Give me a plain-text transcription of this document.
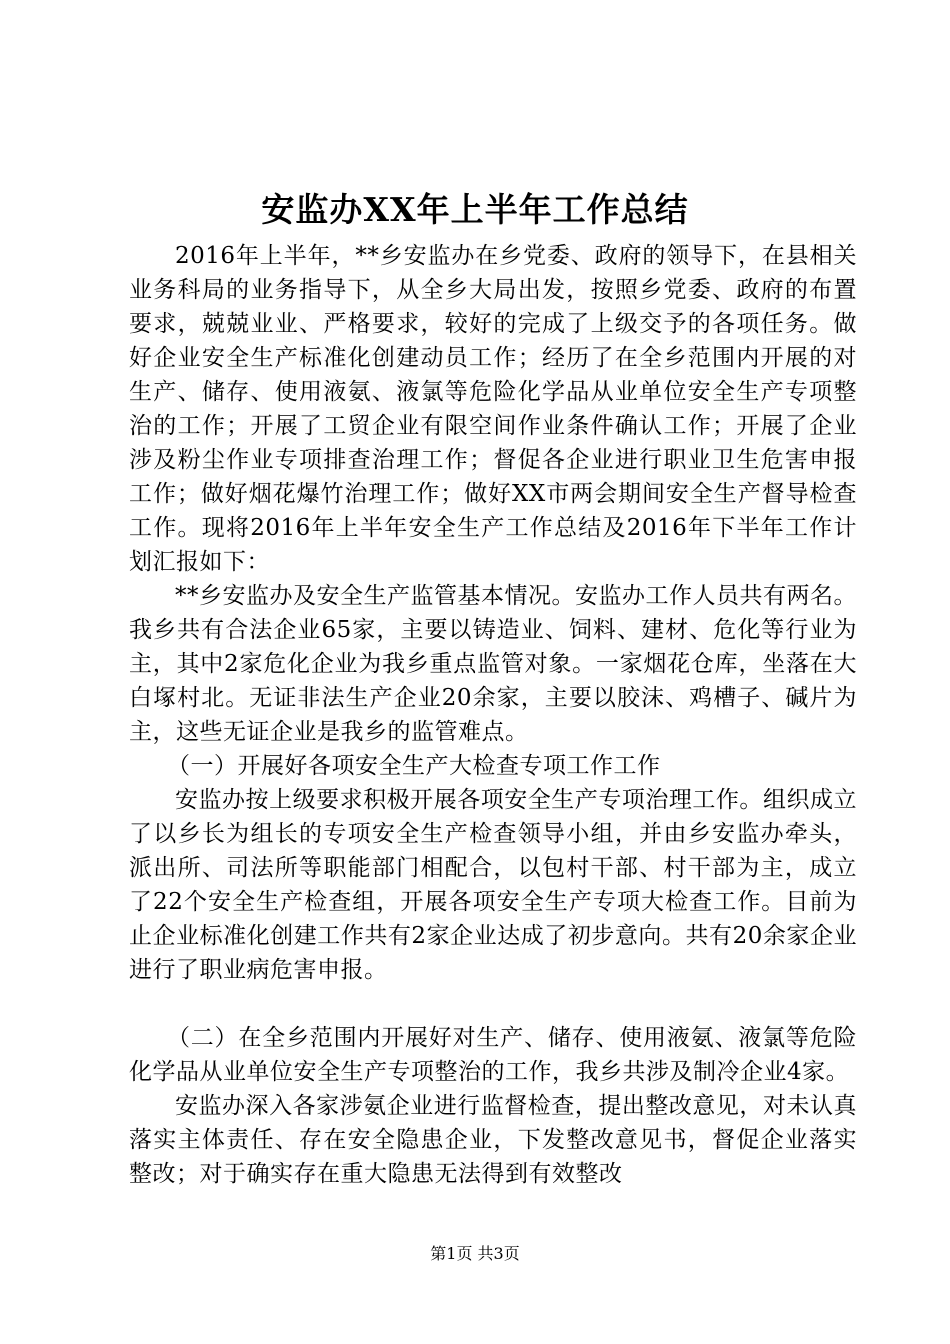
安监办XX年上半年工作总结

2016年上半年，**乡安监办在乡党委、政府的领导下，在县相关业务科局的业务指导下，从全乡大局出发，按照乡党委、政府的布置要求，兢兢业业、严格要求，较好的完成了上级交予的各项任务。做好企业安全生产标准化创建动员工作；经历了在全乡范围内开展的对生产、储存、使用液氨、液氯等危险化学品从业单位安全生产专项整治的工作；开展了工贸企业有限空间作业条件确认工作；开展了企业涉及粉尘作业专项排查治理工作；督促各企业进行职业卫生危害申报工作；做好烟花爆竹治理工作；做好XX市两会期间安全生产督导检查工作。现将2016年上半年安全生产工作总结及2016年下半年工作计划汇报如下：

**乡安监办及安全生产监管基本情况。安监办工作人员共有两名。我乡共有合法企业65家，主要以铸造业、饲料、建材、危化等行业为主，其中2家危化企业为我乡重点监管对象。一家烟花仓库，坐落在大白塚村北。无证非法生产企业20余家，主要以胶沫、鸡槽子、碱片为主，这些无证企业是我乡的监管难点。

（一）开展好各项安全生产大检查专项工作工作

安监办按上级要求积极开展各项安全生产专项治理工作。组织成立了以乡长为组长的专项安全生产检查领导小组，并由乡安监办牵头，派出所、司法所等职能部门相配合，以包村干部、村干部为主，成立了22个安全生产检查组，开展各项安全生产专项大检查工作。目前为止企业标准化创建工作共有2家企业达成了初步意向。共有20余家企业进行了职业病危害申报。

（二）在全乡范围内开展好对生产、储存、使用液氨、液氯等危险化学品从业单位安全生产专项整治的工作，我乡共涉及制冷企业4家。

安监办深入各家涉氨企业进行监督检查，提出整改意见，对未认真落实主体责任、存在安全隐患企业，下发整改意见书，督促企业落实整改；对于确实存在重大隐患无法得到有效整改

第1页 共3页
